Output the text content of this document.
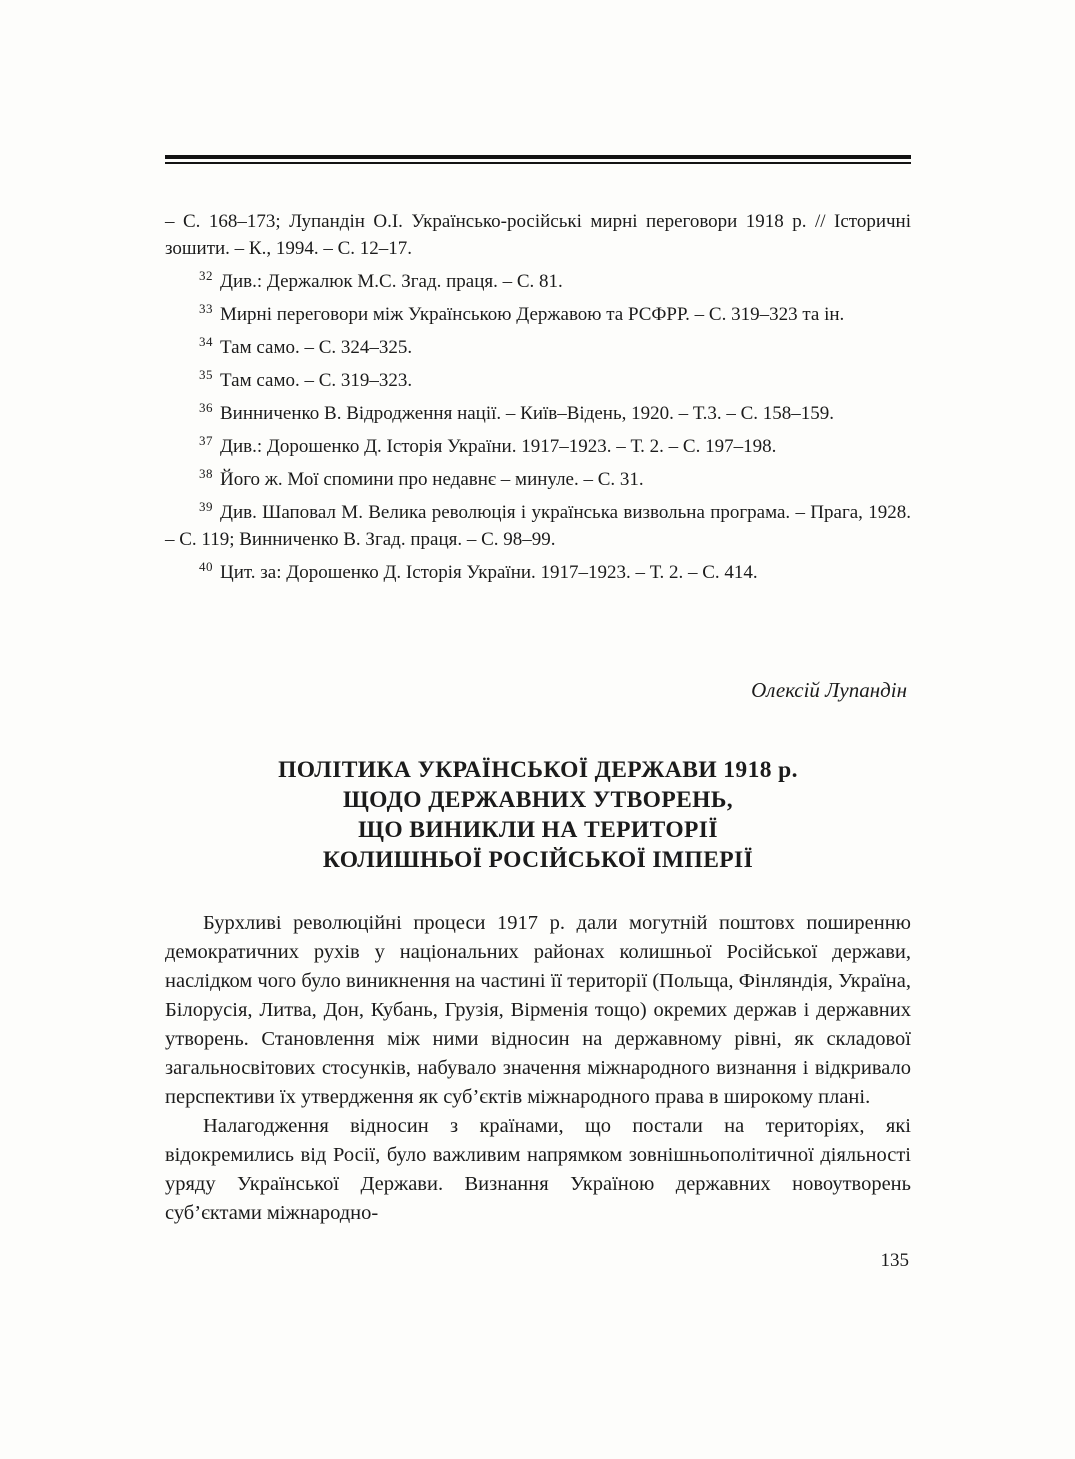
– С. 168–173; Лупандін О.І. Українсько-російські мирні переговори 1918 р. // Історичні зошити. – К., 1994. – С. 12–17.

$^{32}$ Див.: Держалюк М.С. Згад. праця. – С. 81.

$^{33}$ Мирні переговори між Українською Державою та РСФРР. – С. 319–323 та ін.

$^{34}$ Там само. – С. 324–325.

$^{35}$ Там само. – С. 319–323.

$^{36}$ Винниченко В. Відродження нації. – Київ–Відень, 1920. – Т.3. – С. 158–159.

$^{37}$ Див.: Дорошенко Д. Історія України. 1917–1923. – Т. 2. – С. 197–198.

$^{38}$ Його ж. Мої спомини про недавнє – минуле. – С. 31.

$^{39}$ Див. Шаповал М. Велика революція і українська визвольна програма. – Прага, 1928. – С. 119; Винниченко В. Згад. праця. – С. 98–99.

$^{40}$ Цит. за: Дорошенко Д. Історія України. 1917–1923. – Т. 2. – С. 414.

Олексій Лупандін
ПОЛІТИКА УКРАЇНСЬКОЇ ДЕРЖАВИ 1918 р.
ЩОДО ДЕРЖАВНИХ УТВОРЕНЬ,
ЩО ВИНИКЛИ НА ТЕРИТОРІЇ
КОЛИШНЬОЇ РОСІЙСЬКОЇ ІМПЕРІЇ

Бурхливі революційні процеси 1917 р. дали могутній поштовх поширенню демократичних рухів у національних районах колишньої Російської держави, наслідком чого було виникнення на частині її території (Польща, Фінляндія, Україна, Білорусія, Литва, Дон, Кубань, Грузія, Вірменія тощо) окремих держав і державних утворень. Становлення між ними відносин на державному рівні, як складової загальносвітових стосунків, набувало значення міжнародного визнання і відкривало перспективи їх утвердження як суб’єктів міжнародного права в широкому плані.

Налагодження відносин з країнами, що постали на територіях, які відокремились від Росії, було важливим напрямком зовнішньополітичної діяльності уряду Української Держави. Визнання Україною державних новоутворень суб’єктами міжнародно-

135
